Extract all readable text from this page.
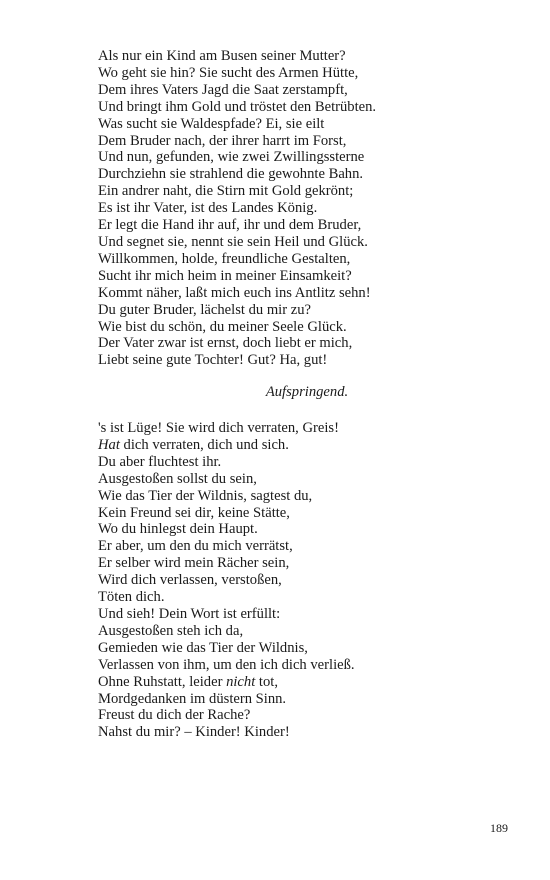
Als nur ein Kind am Busen seiner Mutter?
Wo geht sie hin? Sie sucht des Armen Hütte,
Dem ihres Vaters Jagd die Saat zerstampft,
Und bringt ihm Gold und tröstet den Betrübten.
Was sucht sie Waldespfade? Ei, sie eilt
Dem Bruder nach, der ihrer harrt im Forst,
Und nun, gefunden, wie zwei Zwillingssterne
Durchziehn sie strahlend die gewohnte Bahn.
Ein andrer naht, die Stirn mit Gold gekrönt;
Es ist ihr Vater, ist des Landes König.
Er legt die Hand ihr auf, ihr und dem Bruder,
Und segnet sie, nennt sie sein Heil und Glück.
Willkommen, holde, freundliche Gestalten,
Sucht ihr mich heim in meiner Einsamkeit?
Kommt näher, laßt mich euch ins Antlitz sehn!
Du guter Bruder, lächelst du mir zu?
Wie bist du schön, du meiner Seele Glück.
Der Vater zwar ist ernst, doch liebt er mich,
Liebt seine gute Tochter! Gut? Ha, gut!
Aufspringend.
's ist Lüge! Sie wird dich verraten, Greis!
Hat dich verraten, dich und sich.
Du aber fluchtest ihr.
Ausgestoßen sollst du sein,
Wie das Tier der Wildnis, sagtest du,
Kein Freund sei dir, keine Stätte,
Wo du hinlegst dein Haupt.
Er aber, um den du mich verrätst,
Er selber wird mein Rächer sein,
Wird dich verlassen, verstoßen,
Töten dich.
Und sieh! Dein Wort ist erfüllt:
Ausgestoßen steh ich da,
Gemieden wie das Tier der Wildnis,
Verlassen von ihm, um den ich dich verließ.
Ohne Ruhstatt, leider nicht tot,
Mordgedanken im düstern Sinn.
Freust du dich der Rache?
Nahst du mir? – Kinder! Kinder!
189
